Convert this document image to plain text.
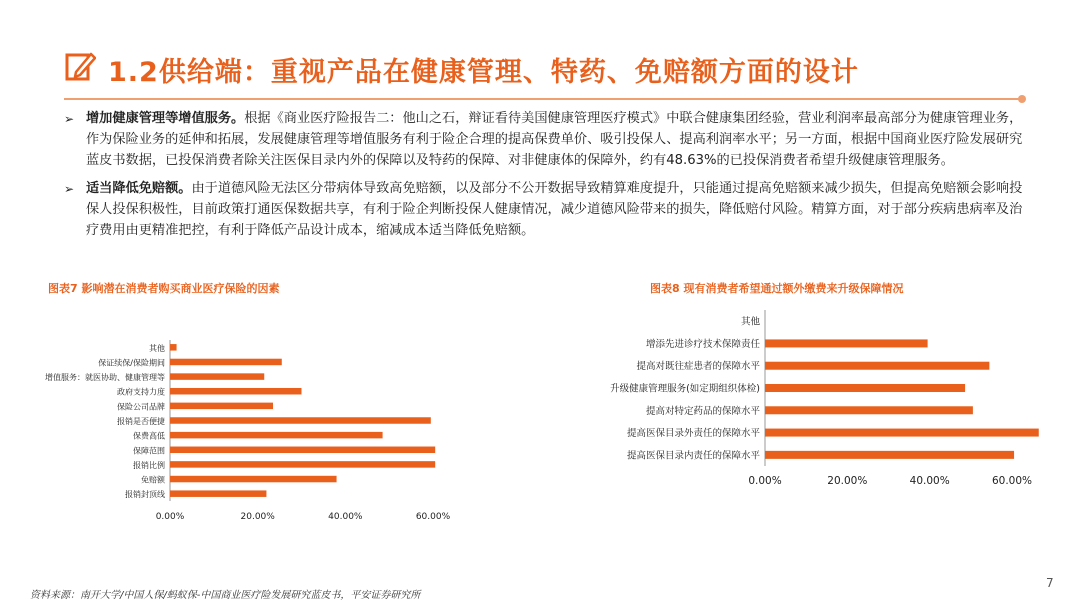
1.2供给端：重视产品在健康管理、特药、免赔额方面的设计
➢ 增加健康管理等增值服务。根据《商业医疗险报告二：他山之石，辩证看待美国健康管理医疗模式》中联合健康集团经验，营业利润率最高部分为健康管理业务，作为保险业务的延伸和拓展，发展健康管理等增值服务有利于险企合理的提高保费单价、吸引投保人、提高利润率水平；另一方面，根据中国商业医疗险发展研究蓝皮书数据，已投保消费者除关注医保目录内外的保障以及特药的保障、对非健康体的保障外，约有48.63%的已投保消费者希望升级健康管理服务。
➢ 适当降低免赔额。由于道德风险无法区分带病体导致高免赔额，以及部分不公开数据导致精算难度提升，只能通过提高免赔额来减少损失，但提高免赔额会影响投保人投保积极性，目前政策打通医保数据共享，有利于险企判断投保人健康情况，减少道德风险带来的损失，降低赔付风险。精算方面，对于部分疾病患病率及治疗费用由更精准把控，有利于降低产品设计成本，缩减成本适当降低免赔额。
图表7 影响潜在消费者购买商业医疗保险的因素	图表8 现有消费者希望通过额外缴费来升级保障情况
其他
保证续保/保险期间
增值服务：就医协助、健康管理等
政府支持力度
保险公司品牌
报销是否便捷
保费高低
保障范围
报销比例
免赔额
报销封顶线
0.00%	20.00%	40.00%	60.00%
其他
增添先进诊疗技术保障责任
提高对既往症患者的保障水平
升级健康管理服务(如定期组织体检)
提高对特定药品的保障水平
提高医保目录外责任的保障水平
提高医保目录内责任的保障水平
0.00%	20.00%	40.00%	60.00%
资料来源：南开大学/中国人保/蚂蚁保-中国商业医疗险发展研究蓝皮书，平安证券研究所
7
